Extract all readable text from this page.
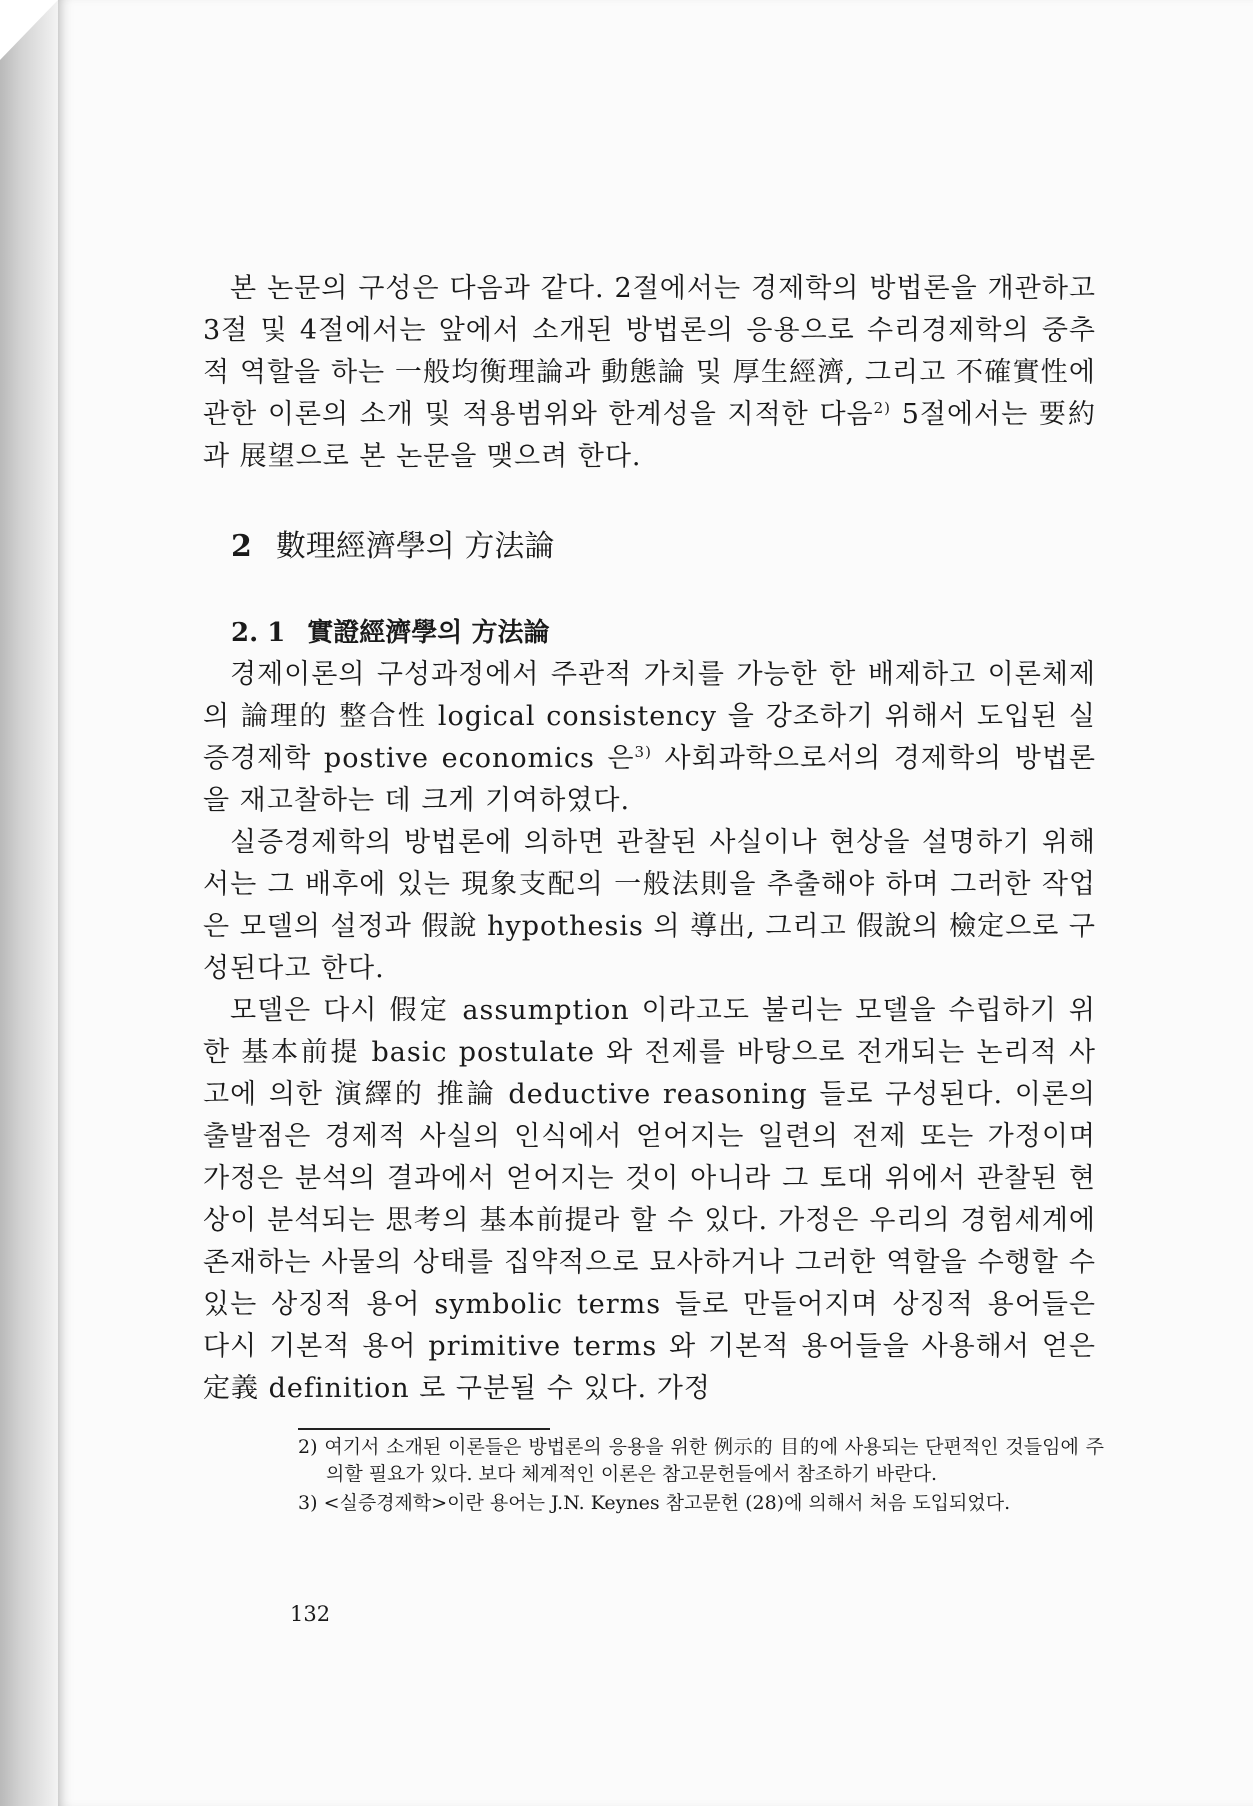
본 논문의 구성은 다음과 같다. 2절에서는 경제학의 방법론을 개관하고 3절 및 4절에서는 앞에서 소개된 방법론의 응용으로 수리경제학의 중추적 역할을 하는 一般均衡理論과 動態論 및 厚生經濟, 그리고 不確實性에 관한 이론의 소개 및 적용범위와 한계성을 지적한 다음$^{2)}$ 5절에서는 要約과 展望으로 본 논문을 맺으려 한다.

2 數理經濟學의 方法論
2. 1 實證經濟學의 方法論

경제이론의 구성과정에서 주관적 가치를 가능한 한 배제하고 이론체제의 論理的 整合性 logical consistency 을 강조하기 위해서 도입된 실증경제학 postive economics 은$^{3)}$ 사회과학으로서의 경제학의 방법론을 재고찰하는 데 크게 기여하였다.

실증경제학의 방법론에 의하면 관찰된 사실이나 현상을 설명하기 위해서는 그 배후에 있는 現象支配의 一般法則을 추출해야 하며 그러한 작업은 모델의 설정과 假說 hypothesis 의 導出, 그리고 假說의 檢定으로 구성된다고 한다.

모델은 다시 假定 assumption 이라고도 불리는 모델을 수립하기 위한 基本前提 basic postulate 와 전제를 바탕으로 전개되는 논리적 사고에 의한 演繹的 推論 deductive reasoning 들로 구성된다. 이론의 출발점은 경제적 사실의 인식에서 얻어지는 일련의 전제 또는 가정이며 가정은 분석의 결과에서 얻어지는 것이 아니라 그 토대 위에서 관찰된 현상이 분석되는 思考의 基本前提라 할 수 있다. 가정은 우리의 경험세계에 존재하는 사물의 상태를 집약적으로 묘사하거나 그러한 역할을 수행할 수 있는 상징적 용어 symbolic terms 들로 만들어지며 상징적 용어들은 다시 기본적 용어 primitive terms 와 기본적 용어들을 사용해서 얻은 定義 definition 로 구분될 수 있다. 가정

2) 여기서 소개된 이론들은 방법론의 응용을 위한 例示的 目的에 사용되는 단편적인 것들임에 주의할 필요가 있다. 보다 체계적인 이론은 참고문헌들에서 참조하기 바란다.

3) <실증경제학>이란 용어는 J.N. Keynes 참고문헌 (28)에 의해서 처음 도입되었다.

132
